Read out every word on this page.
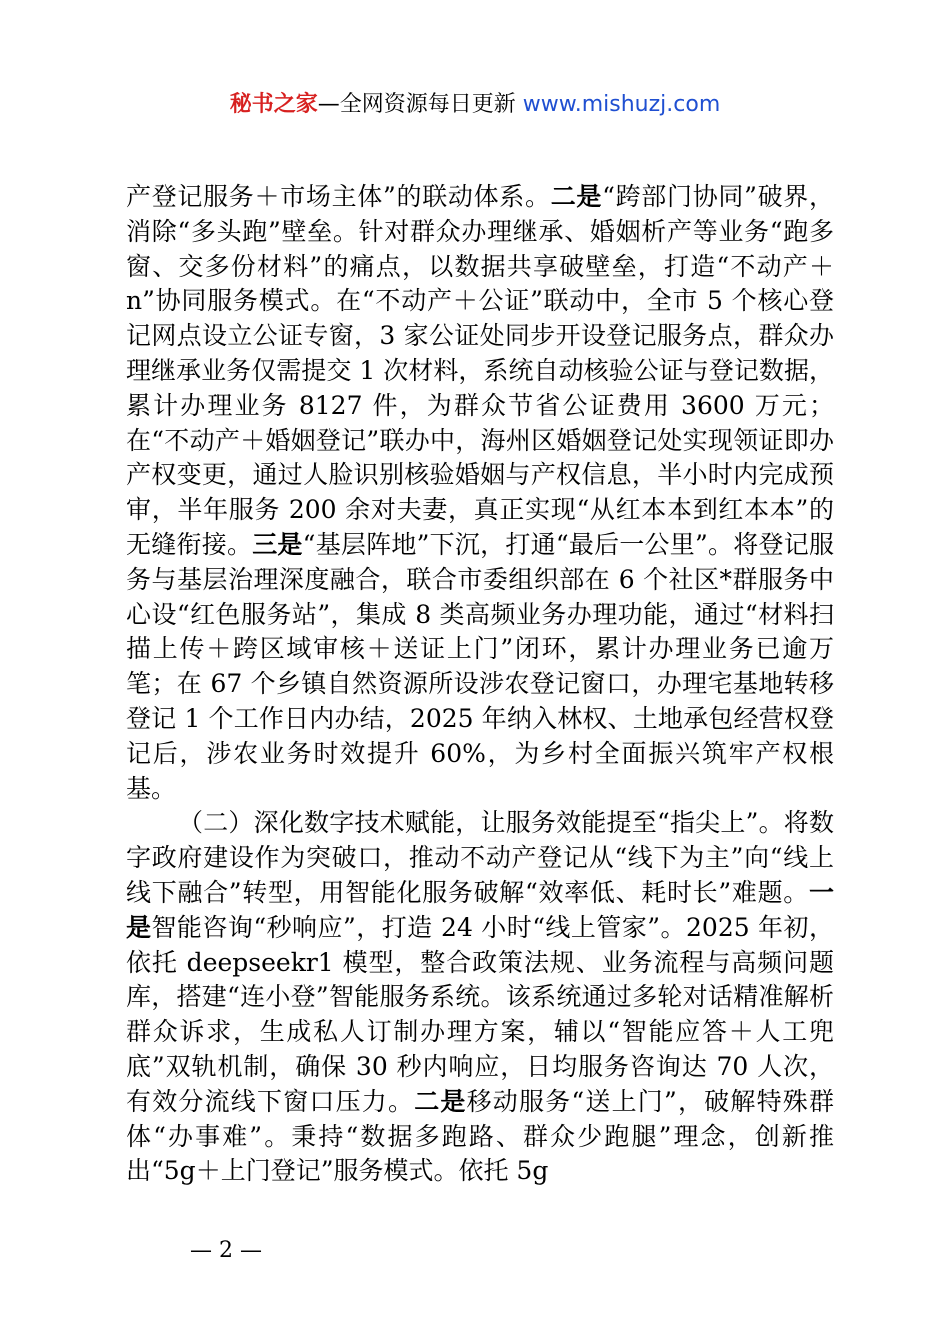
秘书之家—全网资源每日更新 www.mishuzj.com

产登记服务＋市场主体”的联动体系。二是“跨部门协同”破界，消除“多头跑”壁垒。针对群众办理继承、婚姻析产等业务“跑多窗、交多份材料”的痛点，以数据共享破壁垒，打造“不动产＋n”协同服务模式。在“不动产＋公证”联动中，全市 5 个核心登记网点设立公证专窗，3 家公证处同步开设登记服务点，群众办理继承业务仅需提交 1 次材料，系统自动核验公证与登记数据，累计办理业务 8127 件，为群众节省公证费用 3600 万元；在“不动产＋婚姻登记”联办中，海州区婚姻登记处实现领证即办产权变更，通过人脸识别核验婚姻与产权信息，半小时内完成预审，半年服务 200 余对夫妻，真正实现“从红本本到红本本”的无缝衔接。三是“基层阵地”下沉，打通“最后一公里”。将登记服务与基层治理深度融合，联合市委组织部在 6 个社区*群服务中心设“红色服务站”，集成 8 类高频业务办理功能，通过“材料扫描上传＋跨区域审核＋送证上门”闭环，累计办理业务已逾万笔；在 67 个乡镇自然资源所设涉农登记窗口，办理宅基地转移登记 1 个工作日内办结，2025 年纳入林权、土地承包经营权登记后，涉农业务时效提升 60%，为乡村全面振兴筑牢产权根基。

（二）深化数字技术赋能，让服务效能提至“指尖上”。将数字政府建设作为突破口，推动不动产登记从“线下为主”向“线上线下融合”转型，用智能化服务破解“效率低、耗时长”难题。一是智能咨询“秒响应”，打造 24 小时“线上管家”。2025 年初，依托 deepseekr1 模型，整合政策法规、业务流程与高频问题库，搭建“连小登”智能服务系统。该系统通过多轮对话精准解析群众诉求，生成私人订制办理方案，辅以“智能应答＋人工兜底”双轨机制，确保 30 秒内响应，日均服务咨询达 70 人次，有效分流线下窗口压力。二是移动服务“送上门”，破解特殊群体“办事难”。秉持“数据多跑路、群众少跑腿”理念，创新推出“5g＋上门登记”服务模式。依托 5g

— 2 —
